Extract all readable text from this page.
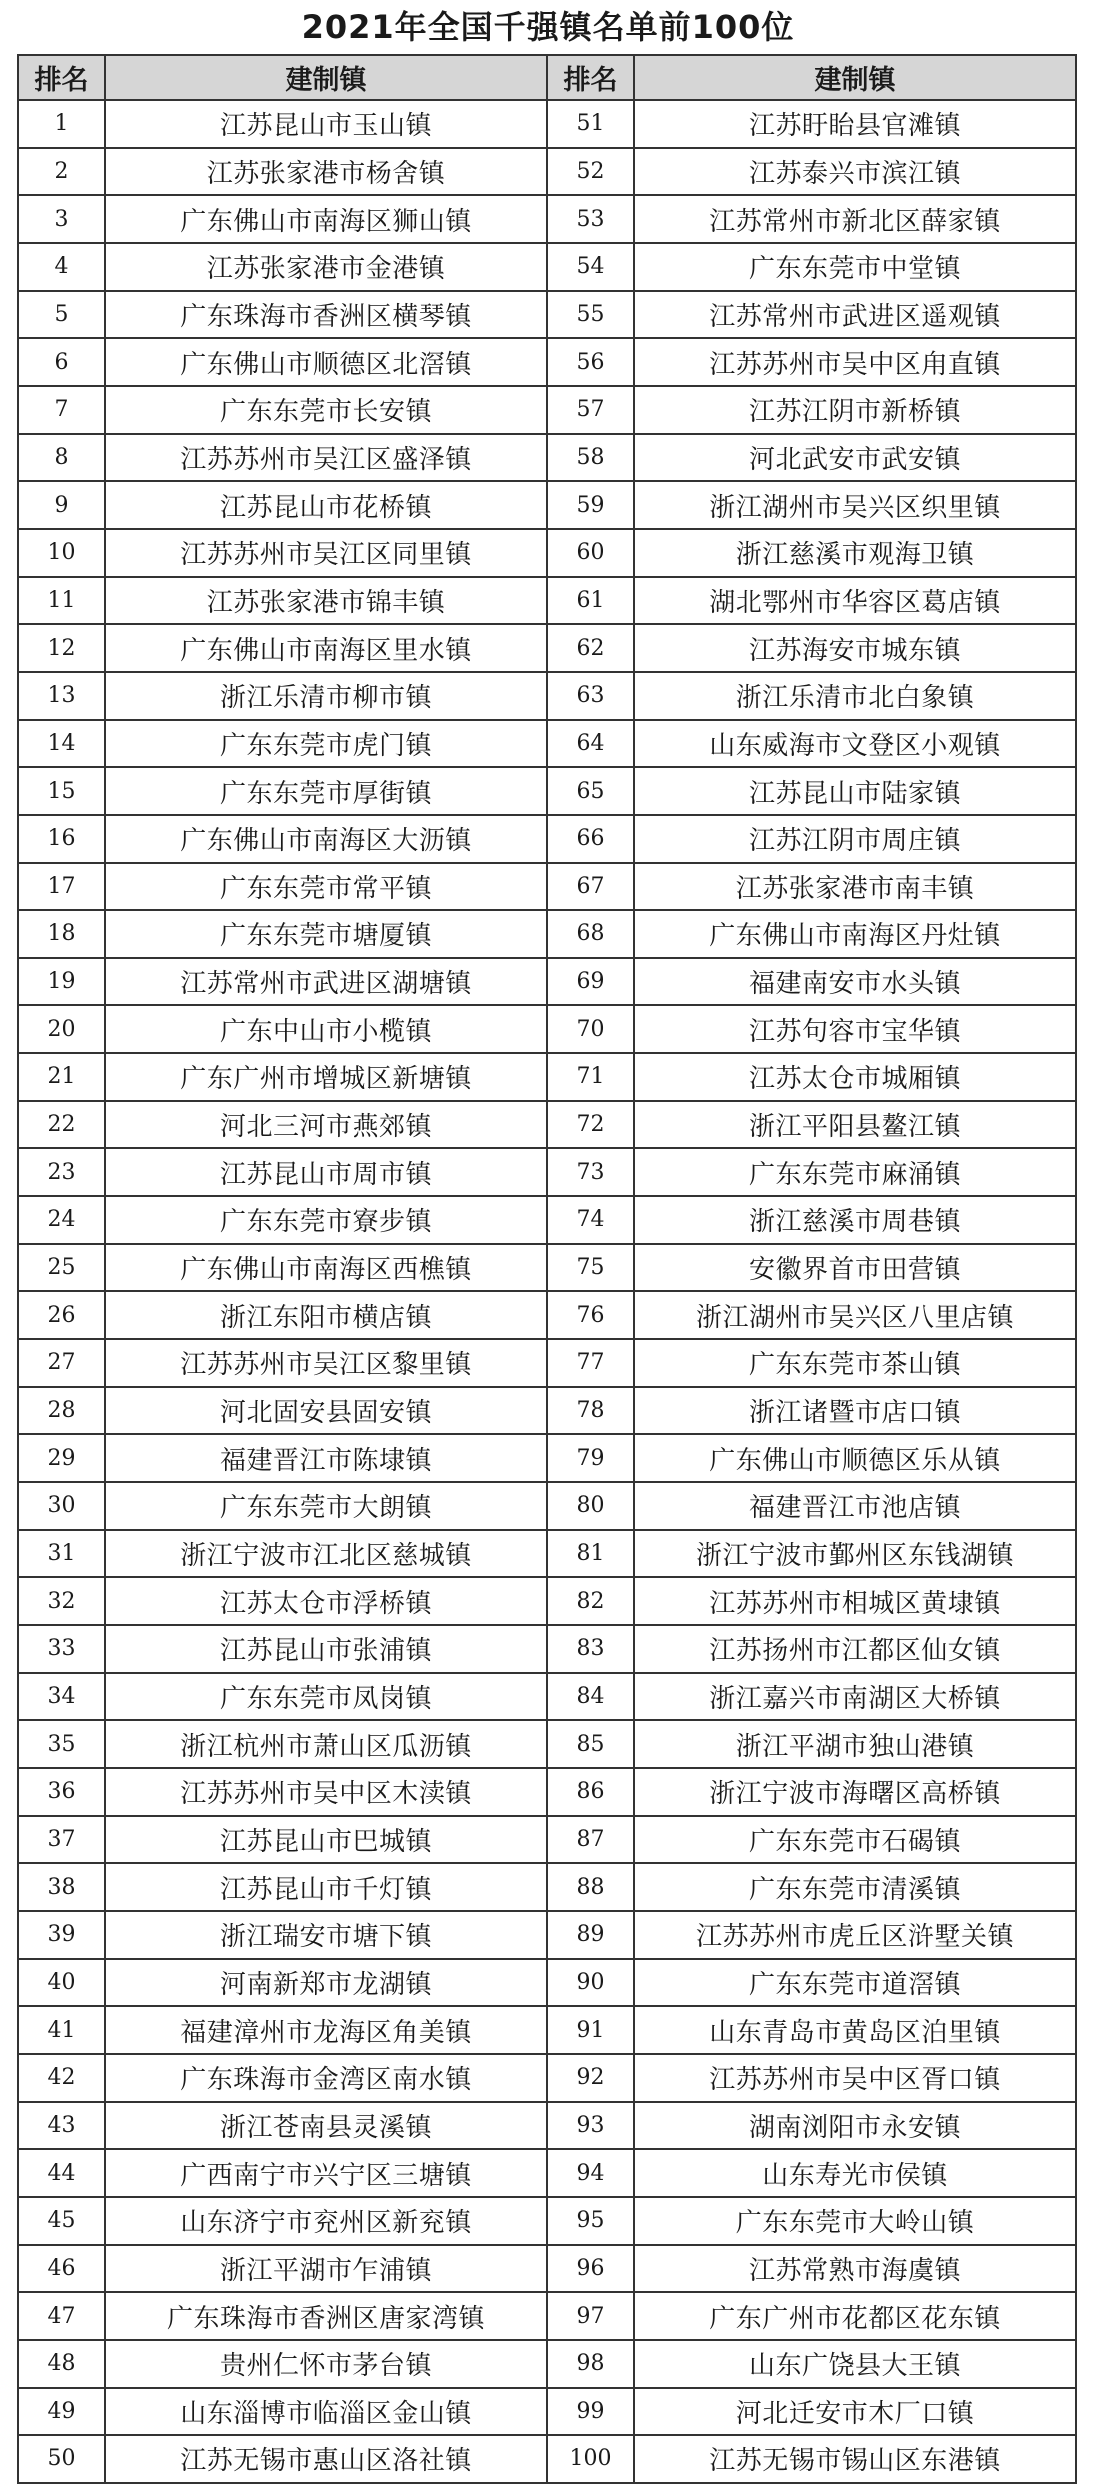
2021年全国千强镇名单前100位
排名	建制镇	排名	建制镇
1	江苏昆山市玉山镇	51	江苏盱眙县官滩镇
2	江苏张家港市杨舍镇	52	江苏泰兴市滨江镇
3	广东佛山市南海区狮山镇	53	江苏常州市新北区薛家镇
4	江苏张家港市金港镇	54	广东东莞市中堂镇
5	广东珠海市香洲区横琴镇	55	江苏常州市武进区遥观镇
6	广东佛山市顺德区北滘镇	56	江苏苏州市吴中区甪直镇
7	广东东莞市长安镇	57	江苏江阴市新桥镇
8	江苏苏州市吴江区盛泽镇	58	河北武安市武安镇
9	江苏昆山市花桥镇	59	浙江湖州市吴兴区织里镇
10	江苏苏州市吴江区同里镇	60	浙江慈溪市观海卫镇
11	江苏张家港市锦丰镇	61	湖北鄂州市华容区葛店镇
12	广东佛山市南海区里水镇	62	江苏海安市城东镇
13	浙江乐清市柳市镇	63	浙江乐清市北白象镇
14	广东东莞市虎门镇	64	山东威海市文登区小观镇
15	广东东莞市厚街镇	65	江苏昆山市陆家镇
16	广东佛山市南海区大沥镇	66	江苏江阴市周庄镇
17	广东东莞市常平镇	67	江苏张家港市南丰镇
18	广东东莞市塘厦镇	68	广东佛山市南海区丹灶镇
19	江苏常州市武进区湖塘镇	69	福建南安市水头镇
20	广东中山市小榄镇	70	江苏句容市宝华镇
21	广东广州市增城区新塘镇	71	江苏太仓市城厢镇
22	河北三河市燕郊镇	72	浙江平阳县鳌江镇
23	江苏昆山市周市镇	73	广东东莞市麻涌镇
24	广东东莞市寮步镇	74	浙江慈溪市周巷镇
25	广东佛山市南海区西樵镇	75	安徽界首市田营镇
26	浙江东阳市横店镇	76	浙江湖州市吴兴区八里店镇
27	江苏苏州市吴江区黎里镇	77	广东东莞市茶山镇
28	河北固安县固安镇	78	浙江诸暨市店口镇
29	福建晋江市陈埭镇	79	广东佛山市顺德区乐从镇
30	广东东莞市大朗镇	80	福建晋江市池店镇
31	浙江宁波市江北区慈城镇	81	浙江宁波市鄞州区东钱湖镇
32	江苏太仓市浮桥镇	82	江苏苏州市相城区黄埭镇
33	江苏昆山市张浦镇	83	江苏扬州市江都区仙女镇
34	广东东莞市凤岗镇	84	浙江嘉兴市南湖区大桥镇
35	浙江杭州市萧山区瓜沥镇	85	浙江平湖市独山港镇
36	江苏苏州市吴中区木渎镇	86	浙江宁波市海曙区高桥镇
37	江苏昆山市巴城镇	87	广东东莞市石碣镇
38	江苏昆山市千灯镇	88	广东东莞市清溪镇
39	浙江瑞安市塘下镇	89	江苏苏州市虎丘区浒墅关镇
40	河南新郑市龙湖镇	90	广东东莞市道滘镇
41	福建漳州市龙海区角美镇	91	山东青岛市黄岛区泊里镇
42	广东珠海市金湾区南水镇	92	江苏苏州市吴中区胥口镇
43	浙江苍南县灵溪镇	93	湖南浏阳市永安镇
44	广西南宁市兴宁区三塘镇	94	山东寿光市侯镇
45	山东济宁市兖州区新兖镇	95	广东东莞市大岭山镇
46	浙江平湖市乍浦镇	96	江苏常熟市海虞镇
47	广东珠海市香洲区唐家湾镇	97	广东广州市花都区花东镇
48	贵州仁怀市茅台镇	98	山东广饶县大王镇
49	山东淄博市临淄区金山镇	99	河北迁安市木厂口镇
50	江苏无锡市惠山区洛社镇	100	江苏无锡市锡山区东港镇
